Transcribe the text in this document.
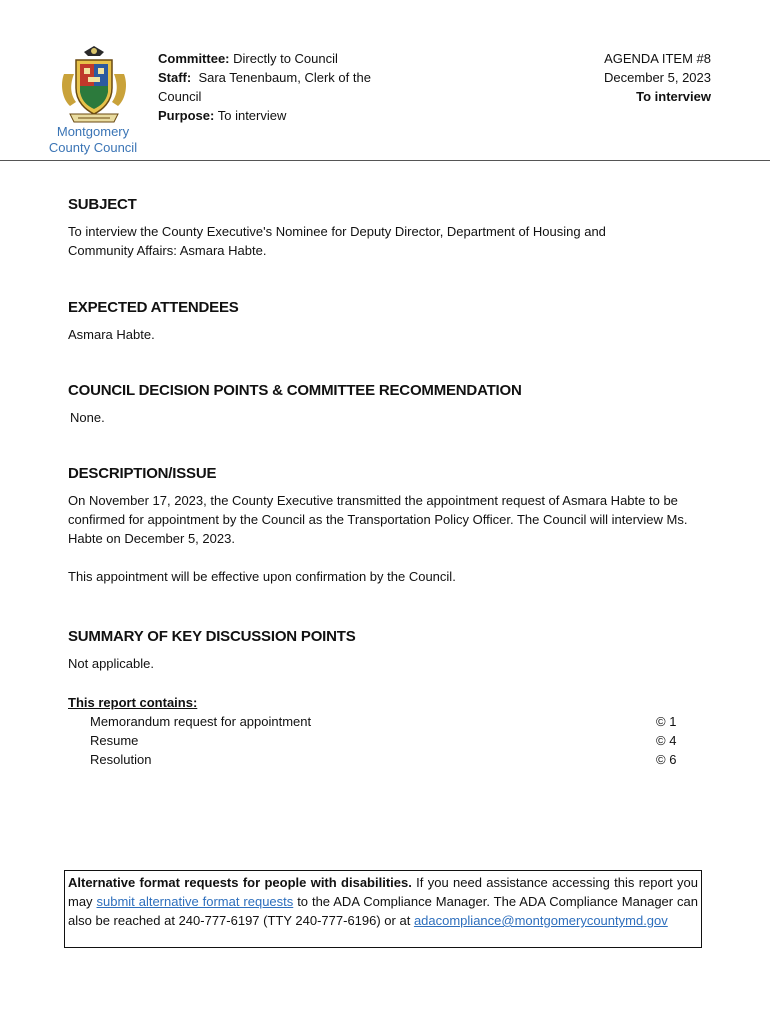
Montgomery
County Council
Committee: Directly to Council
Staff: Sara Tenenbaum, Clerk of the Council
Purpose: To interview
AGENDA ITEM #8
December 5, 2023
To interview
SUBJECT

To interview the County Executive's Nominee for Deputy Director, Department of Housing and Community Affairs: Asmara Habte.

EXPECTED ATTENDEES

Asmara Habte.

COUNCIL DECISION POINTS & COMMITTEE RECOMMENDATION

None.

DESCRIPTION/ISSUE

On November 17, 2023, the County Executive transmitted the appointment request of Asmara Habte to be confirmed for appointment by the Council as the Transportation Policy Officer. The Council will interview Ms. Habte on December 5, 2023.

This appointment will be effective upon confirmation by the Council.

SUMMARY OF KEY DISCUSSION POINTS

Not applicable.

This report contains:
Memorandum request for appointment	© 1
Resume	© 4
Resolution	© 6
Alternative format requests for people with disabilities. If you need assistance accessing this report you may submit alternative format requests to the ADA Compliance Manager. The ADA Compliance Manager can also be reached at 240-777-6197 (TTY 240-777-6196) or at adacompliance@montgomerycountymd.gov
